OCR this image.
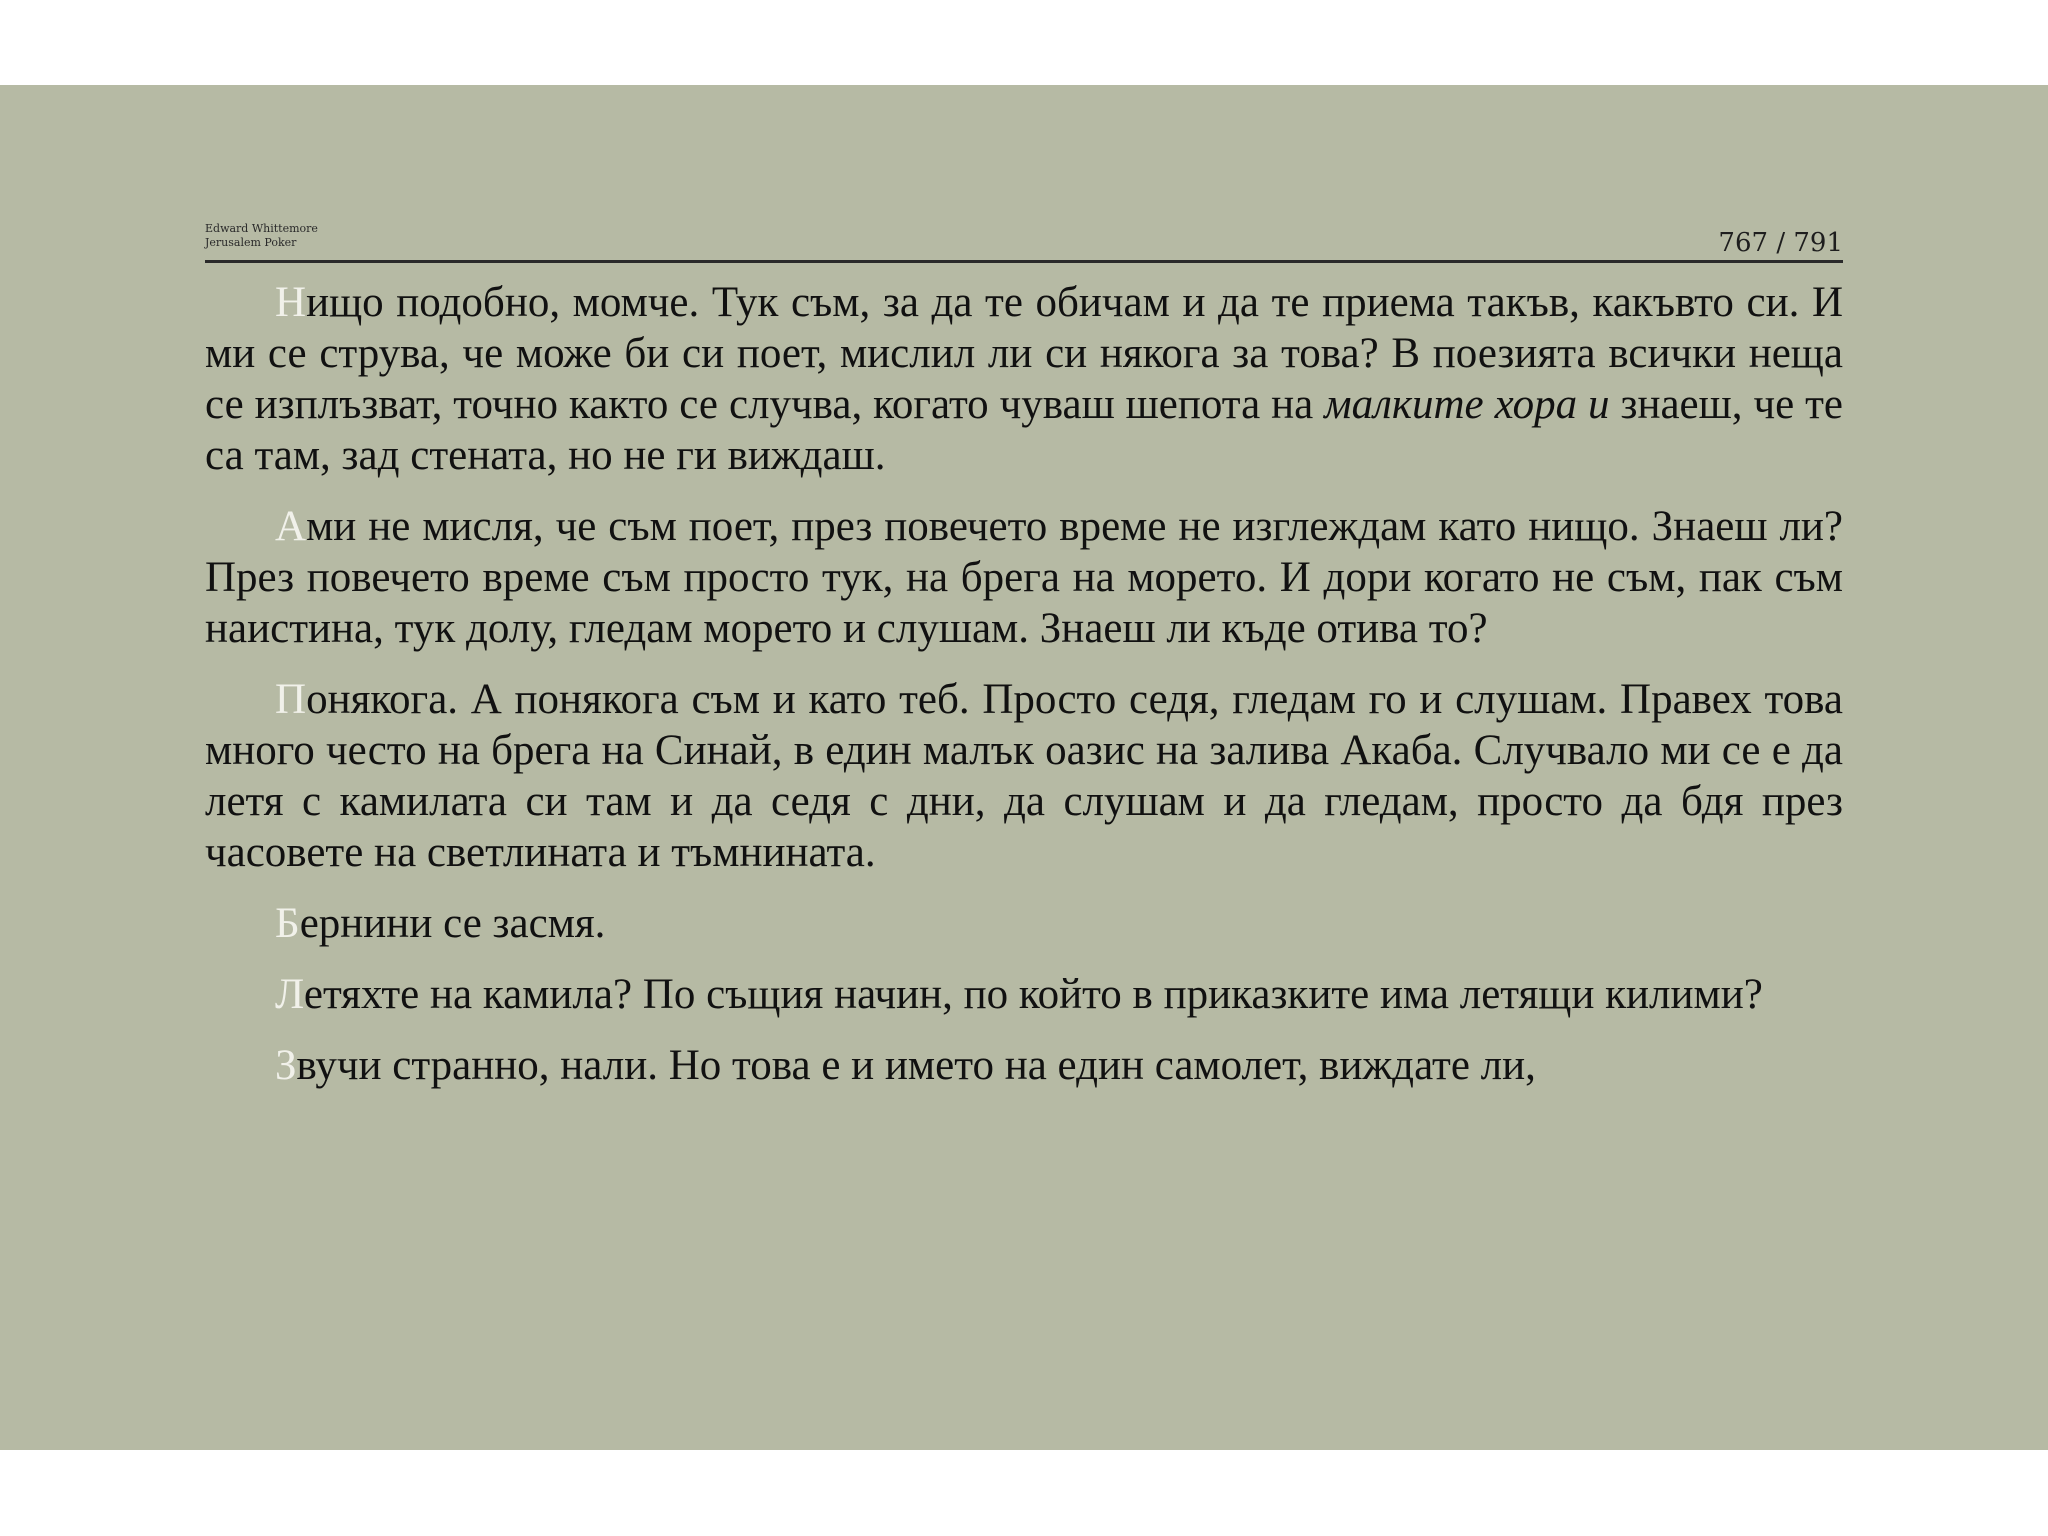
Edward Whittemore
Jerusalem Poker	767 / 791

Нищо подобно, момче. Тук съм, за да те обичам и да те приема такъв, какъвто си. И ми се струва, че може би си поет, мислил ли си някога за това? В поезията всички неща се изплъзват, точно както се случва, когато чуваш шепота на малките хора и знаеш, че те са там, зад стената, но не ги виждаш.

Ами не мисля, че съм поет, през повечето време не изглеждам като нищо. Знаеш ли? През повечето време съм просто тук, на брега на морето. И дори когато не съм, пак съм наистина, тук долу, гледам морето и слушам. Знаеш ли къде отива то?

Понякога. А понякога съм и като теб. Просто седя, гледам го и слушам. Правех това много често на брега на Синай, в един малък оазис на залива Акаба. Случвало ми се е да летя с камилата си там и да седя с дни, да слушам и да гледам, просто да бдя през часовете на светлината и тъмнината.

Бернини се засмя.

Летяхте на камила? По същия начин, по който в приказките има летящи килими?

Звучи странно, нали. Но това е и името на един самолет, виждате ли,
